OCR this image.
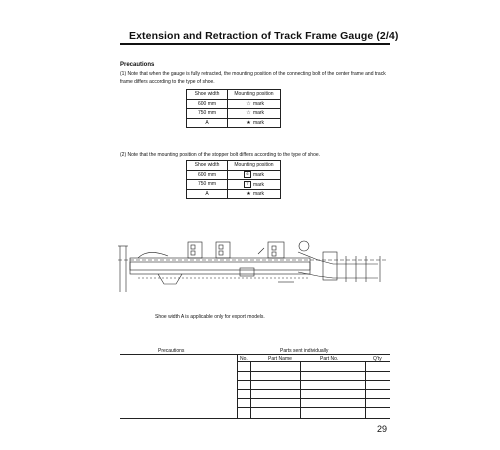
Extension and Retraction of Track Frame Gauge (2/4)
Precautions
(1) Note that when the gauge is fully retracted, the mounting position of the connecting bolt of the center frame and track frame differs according to the type of shoe.
Shoe width	Mounting position
600 mm	☆ mark
750 mm	☆ mark
A	★ mark
(2) Note that the mounting position of the stopper bolt differs according to the type of shoe.
Shoe width	Mounting position
600 mm	6 mark
750 mm	7 mark
A	★ mark
Shoe width A is applicable only for export models.
Precautions	Parts sent individually
No.	Part Name	Part No.	Q'ty
29
